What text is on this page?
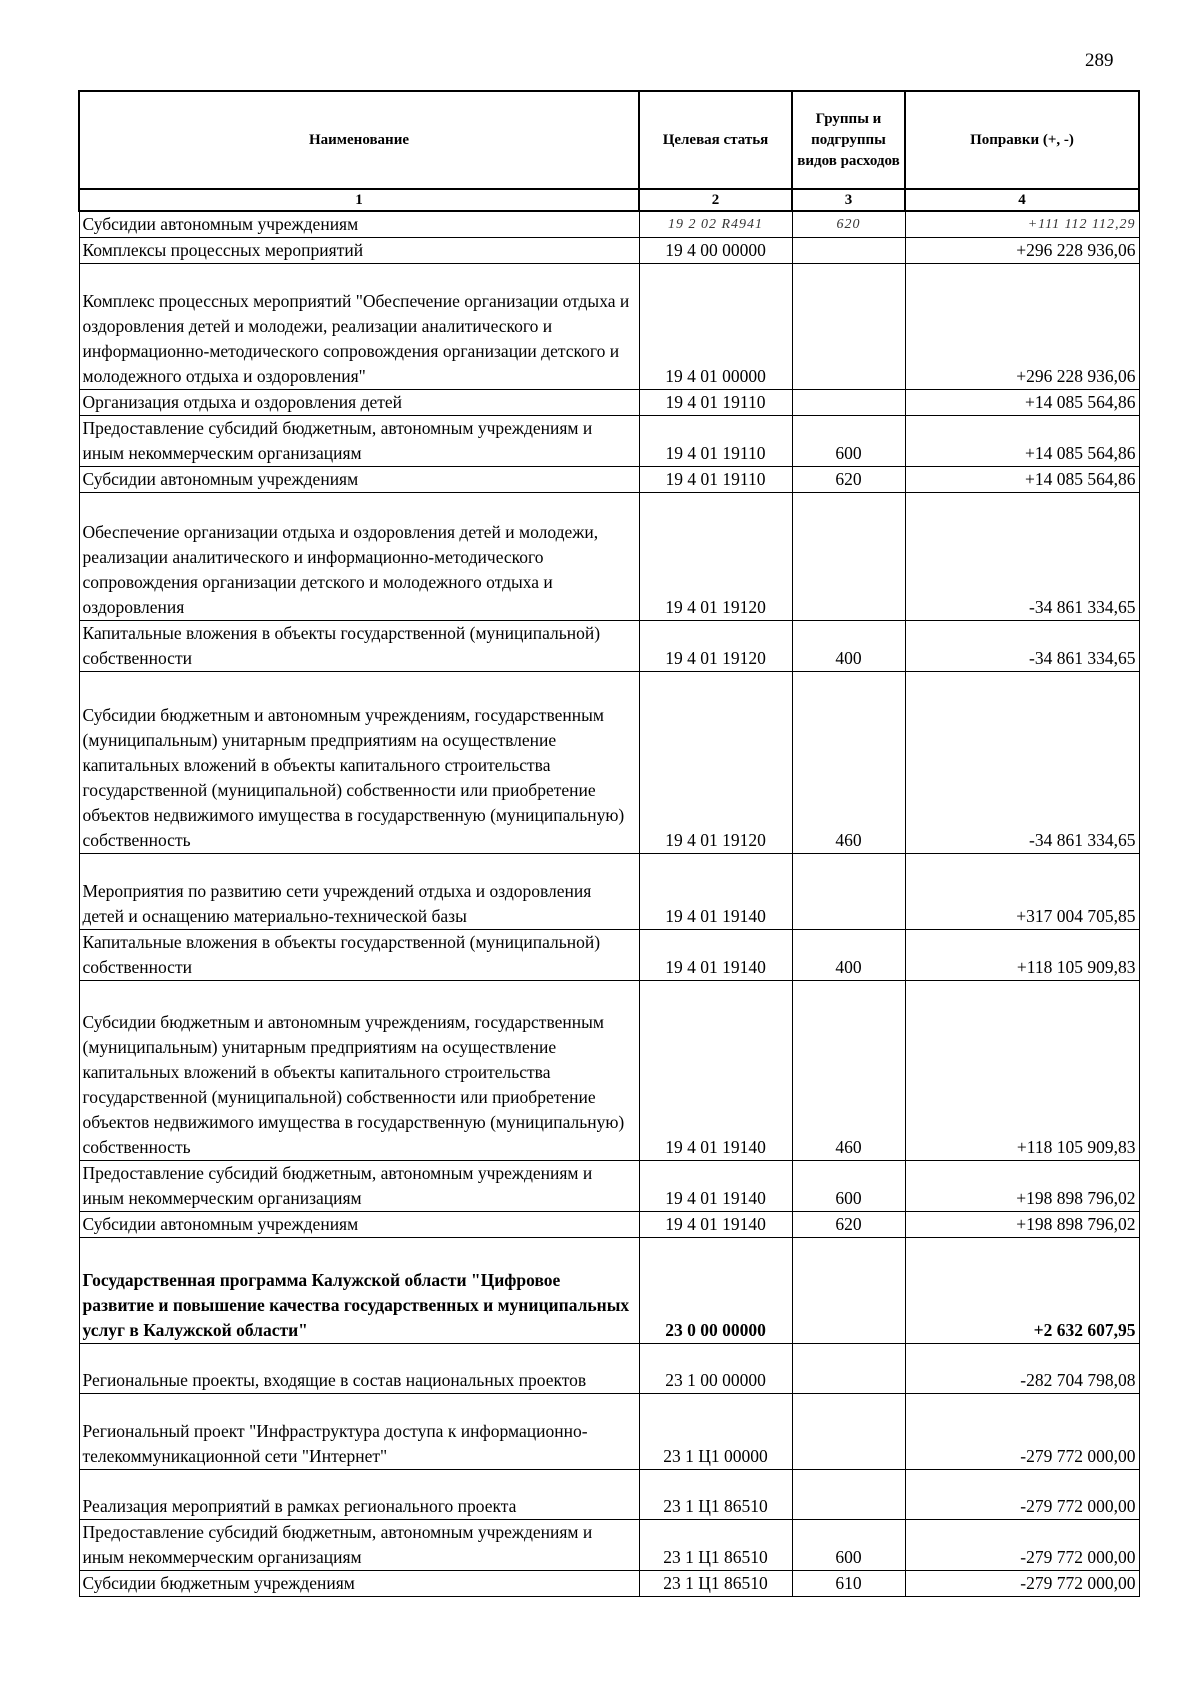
289
Наименование	Целевая статья	Группы и подгруппы видов расходов	Поправки (+, -)
1	2	3	4
Субсидии автономным учреждениям	19 2 02 R4941	620	+111 112 112,29
Комплексы процессных мероприятий	19 4 00 00000		+296 228 936,06
Комплекс процессных мероприятий "Обеспечение организации отдыха и оздоровления детей и молодежи, реализации аналитического и информационно-методического сопровождения организации детского и молодежного отдыха и оздоровления"	19 4 01 00000		+296 228 936,06
Организация отдыха и оздоровления детей	19 4 01 19110		+14 085 564,86
Предоставление субсидий бюджетным, автономным учреждениям и иным некоммерческим организациям	19 4 01 19110	600	+14 085 564,86
Субсидии автономным учреждениям	19 4 01 19110	620	+14 085 564,86
Обеспечение организации отдыха и оздоровления детей и молодежи, реализации аналитического и информационно-методического сопровождения организации детского и молодежного отдыха и оздоровления	19 4 01 19120		-34 861 334,65
Капитальные вложения в объекты государственной (муниципальной) собственности	19 4 01 19120	400	-34 861 334,65
Субсидии бюджетным и автономным учреждениям, государственным (муниципальным) унитарным предприятиям на осуществление капитальных вложений в объекты капитального строительства государственной (муниципальной) собственности или приобретение объектов недвижимого имущества в государственную (муниципальную) собственность	19 4 01 19120	460	-34 861 334,65
Мероприятия по развитию сети учреждений отдыха и оздоровления детей и оснащению материально-технической базы	19 4 01 19140		+317 004 705,85
Капитальные вложения в объекты государственной (муниципальной) собственности	19 4 01 19140	400	+118 105 909,83
Субсидии бюджетным и автономным учреждениям, государственным (муниципальным) унитарным предприятиям на осуществление капитальных вложений в объекты капитального строительства государственной (муниципальной) собственности или приобретение объектов недвижимого имущества в государственную (муниципальную) собственность	19 4 01 19140	460	+118 105 909,83
Предоставление субсидий бюджетным, автономным учреждениям и иным некоммерческим организациям	19 4 01 19140	600	+198 898 796,02
Субсидии автономным учреждениям	19 4 01 19140	620	+198 898 796,02
Государственная программа Калужской области "Цифровое развитие и повышение качества государственных и муниципальных услуг в Калужской области"	23 0 00 00000		+2 632 607,95
Региональные проекты, входящие в состав национальных проектов	23 1 00 00000		-282 704 798,08
Региональный проект "Инфраструктура доступа к информационно-телекоммуникационной сети "Интернет"	23 1 Ц1 00000		-279 772 000,00
Реализация мероприятий в рамках регионального проекта	23 1 Ц1 86510		-279 772 000,00
Предоставление субсидий бюджетным, автономным учреждениям и иным некоммерческим организациям	23 1 Ц1 86510	600	-279 772 000,00
Субсидии бюджетным учреждениям	23 1 Ц1 86510	610	-279 772 000,00
